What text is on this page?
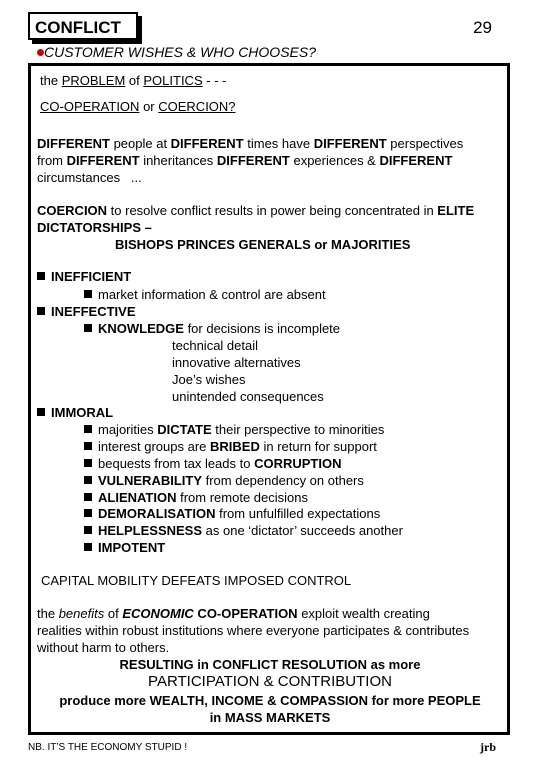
CONFLICT	29
CUSTOMER WISHES & WHO CHOOSES?
the PROBLEM of POLITICS - - -
CO-OPERATION or COERCION?
DIFFERENT people at DIFFERENT times have DIFFERENT perspectives
from DIFFERENT inheritances DIFFERENT experiences & DIFFERENT
circumstances   ...
COERCION to resolve conflict results in power being concentrated in ELITE
DICTATORSHIPS –
BISHOPS PRINCES GENERALS or MAJORITIES
INEFFICIENT
market information & control are absent
INEFFECTIVE
KNOWLEDGE for decisions is incomplete
technical detail
innovative alternatives
Joe’s wishes
unintended consequences
IMMORAL
majorities DICTATE their perspective to minorities
interest groups are BRIBED in return for support
bequests from tax leads to CORRUPTION
VULNERABILITY from dependency on others
ALIENATION from remote decisions
DEMORALISATION from unfulfilled expectations
HELPLESSNESS as one ‘dictator’ succeeds another
IMPOTENT
CAPITAL MOBILITY DEFEATS IMPOSED CONTROL
the benefits of ECONOMIC CO-OPERATION exploit wealth creating
realities within robust institutions where everyone participates & contributes
without harm to others.
RESULTING in CONFLICT RESOLUTION as more
PARTICIPATION & CONTRIBUTION
produce more WEALTH, INCOME & COMPASSION for more PEOPLE
in MASS MARKETS
NB. IT’S THE ECONOMY STUPID !	jrb
